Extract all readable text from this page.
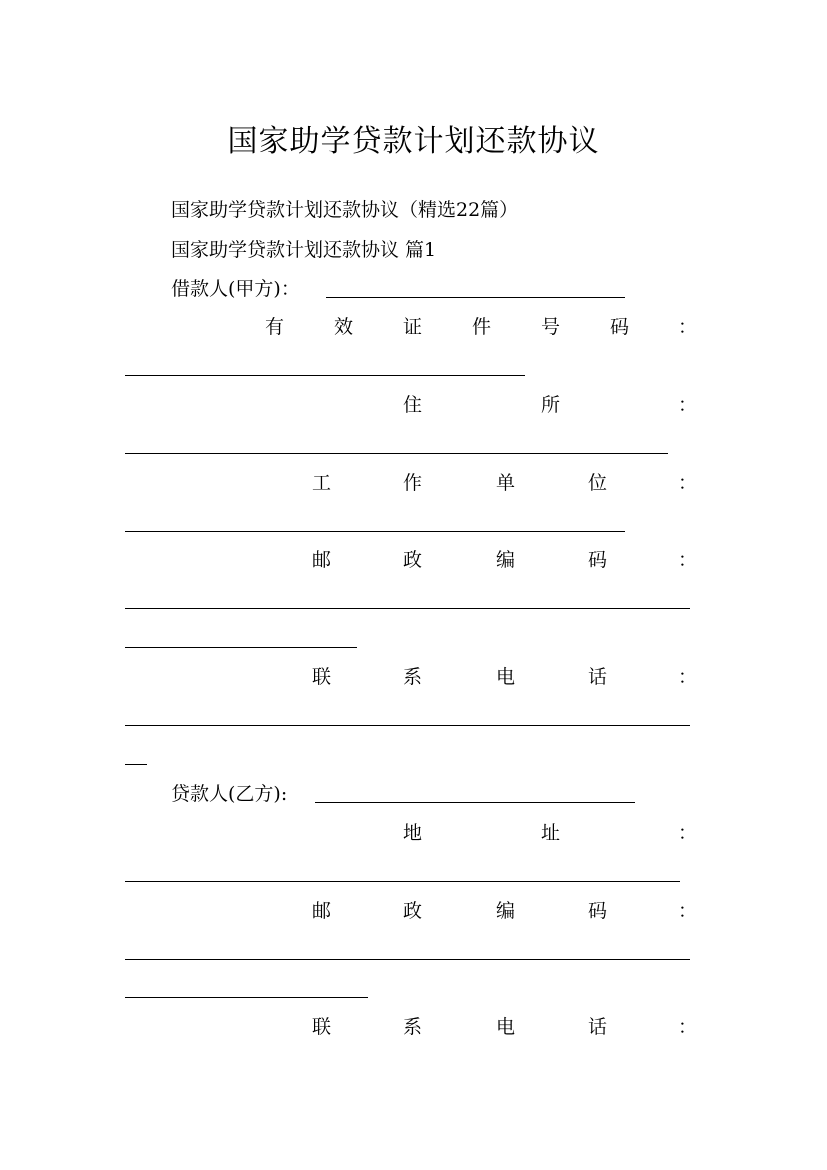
国家助学贷款计划还款协议
国家助学贷款计划还款协议（精选22篇）
国家助学贷款计划还款协议 篇1
借款人(甲方)：
有	效	证	件	号	码	：
住	所	：
工	作	单	位	：
邮	政	编	码	：
联	系	电	话	：
贷款人(乙方):
地	址	：
邮	政	编	码	：
联	系	电	话	：
